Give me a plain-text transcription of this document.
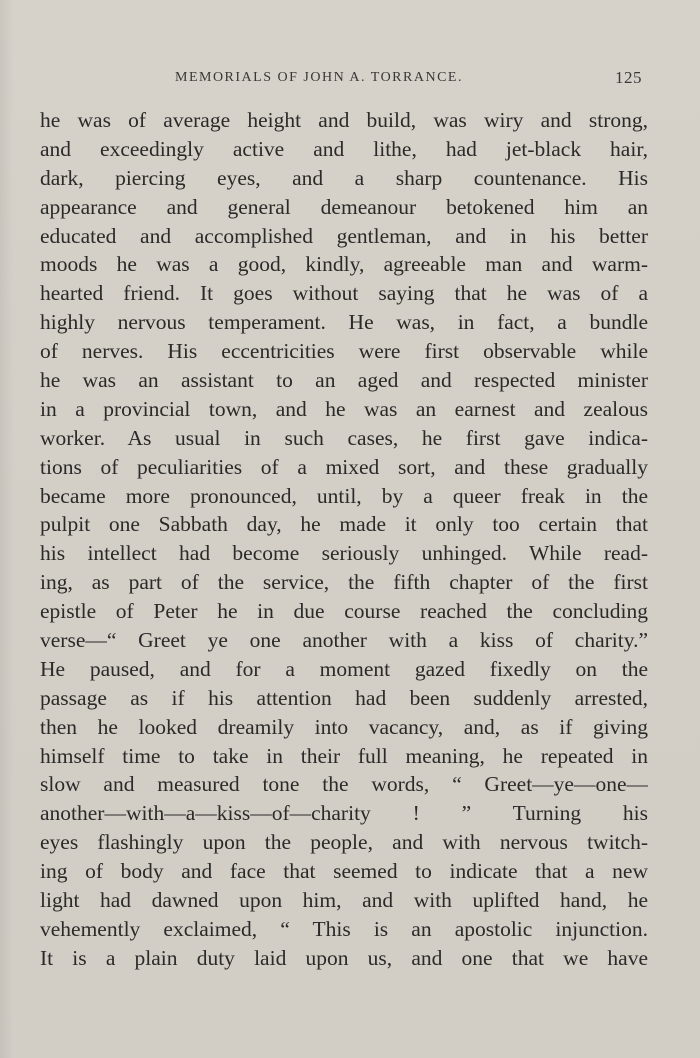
MEMORIALS OF JOHN A. TORRANCE.	125
he was of average height and build, was wiry and strong,
and exceedingly active and lithe, had jet-black hair,
dark, piercing eyes, and a sharp countenance. His
appearance and general demeanour betokened him an
educated and accomplished gentleman, and in his better
moods he was a good, kindly, agreeable man and warm-
hearted friend. It goes without saying that he was of a
highly nervous temperament. He was, in fact, a bundle
of nerves. His eccentricities were first observable while
he was an assistant to an aged and respected minister
in a provincial town, and he was an earnest and zealous
worker. As usual in such cases, he first gave indica-
tions of peculiarities of a mixed sort, and these gradually
became more pronounced, until, by a queer freak in the
pulpit one Sabbath day, he made it only too certain that
his intellect had become seriously unhinged. While read-
ing, as part of the service, the fifth chapter of the first
epistle of Peter he in due course reached the concluding
verse—“ Greet ye one another with a kiss of charity.”
He paused, and for a moment gazed fixedly on the
passage as if his attention had been suddenly arrested,
then he looked dreamily into vacancy, and, as if giving
himself time to take in their full meaning, he repeated in
slow and measured tone the words, “ Greet—ye—one—
another—with—a—kiss—of—charity ! ” Turning his
eyes flashingly upon the people, and with nervous twitch-
ing of body and face that seemed to indicate that a new
light had dawned upon him, and with uplifted hand, he
vehemently exclaimed, “ This is an apostolic injunction.
It is a plain duty laid upon us, and one that we have
